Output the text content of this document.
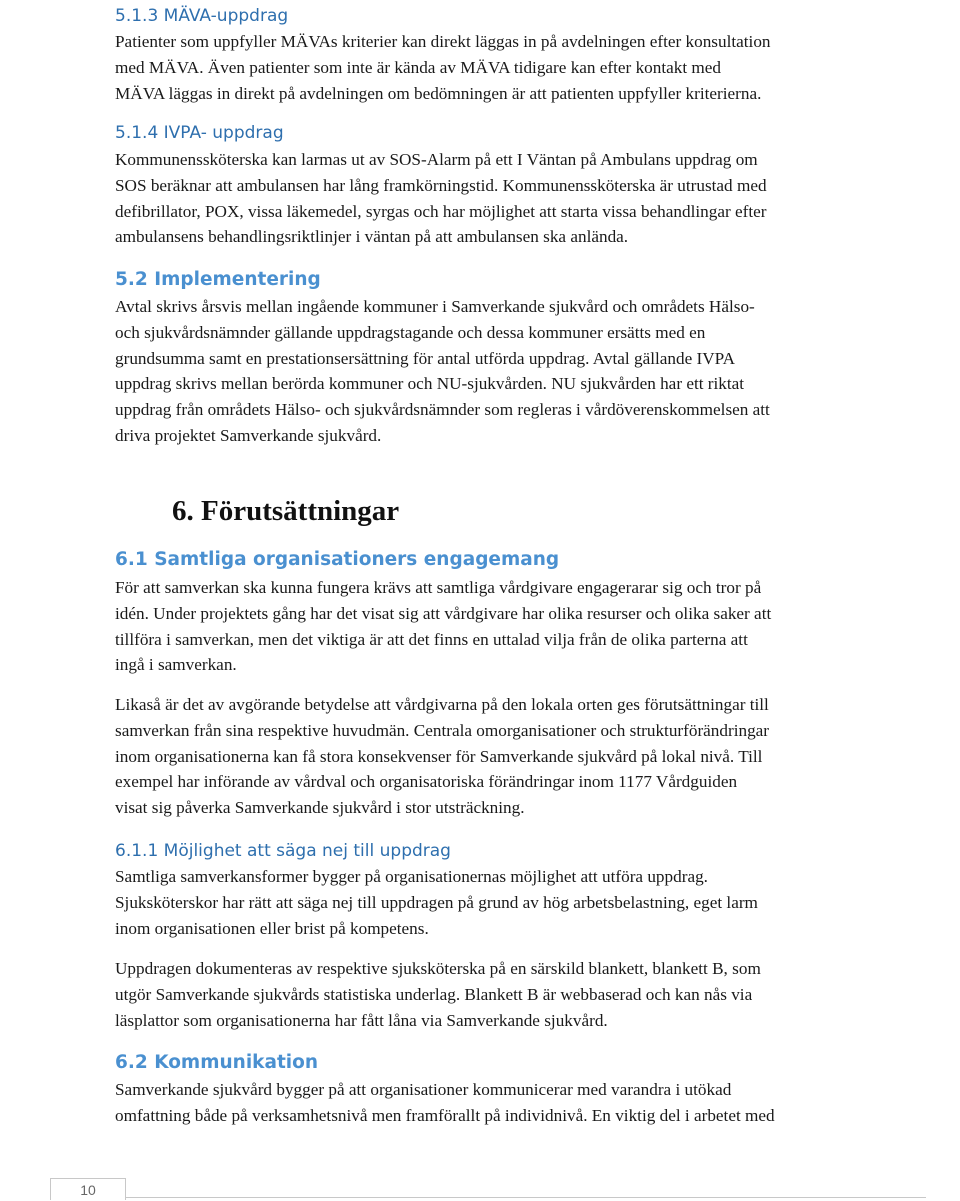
5.1.3 MÄVA-uppdrag
Patienter som uppfyller MÄVAs kriterier kan direkt läggas in på avdelningen efter konsultation
med MÄVA. Även patienter som inte är kända av MÄVA tidigare kan efter kontakt med
MÄVA läggas in direkt på avdelningen om bedömningen är att patienten uppfyller kriterierna.
5.1.4 IVPA- uppdrag
Kommunenssköterska kan larmas ut av SOS-Alarm på ett I Väntan på Ambulans uppdrag om
SOS beräknar att ambulansen har lång framkörningstid. Kommunenssköterska är utrustad med
defibrillator, POX, vissa läkemedel, syrgas och har möjlighet att starta vissa behandlingar efter
ambulansens behandlingsriktlinjer i väntan på att ambulansen ska anlända.
5.2 Implementering
Avtal skrivs årsvis mellan ingående kommuner i Samverkande sjukvård och områdets Hälso-
och sjukvårdsnämnder gällande uppdragstagande och dessa kommuner ersätts med en
grundsumma samt en prestationsersättning för antal utförda uppdrag. Avtal gällande IVPA
uppdrag skrivs mellan berörda kommuner och NU-sjukvården. NU sjukvården har ett riktat
uppdrag från områdets Hälso- och sjukvårdsnämnder som regleras i vårdöverenskommelsen att
driva projektet Samverkande sjukvård.
6. Förutsättningar
6.1 Samtliga organisationers engagemang
För att samverkan ska kunna fungera krävs att samtliga vårdgivare engagerarar sig och tror på
idén. Under projektets gång har det visat sig att vårdgivare har olika resurser och olika saker att
tillföra i samverkan, men det viktiga är att det finns en uttalad vilja från de olika parterna att
ingå i samverkan.
Likaså är det av avgörande betydelse att vårdgivarna på den lokala orten ges förutsättningar till
samverkan från sina respektive huvudmän. Centrala omorganisationer och strukturförändringar
inom organisationerna kan få stora konsekvenser för Samverkande sjukvård på lokal nivå. Till
exempel har införande av vårdval och organisatoriska förändringar inom 1177 Vårdguiden
visat sig påverka Samverkande sjukvård i stor utsträckning.
6.1.1 Möjlighet att säga nej till uppdrag
Samtliga samverkansformer bygger på organisationernas möjlighet att utföra uppdrag.
Sjuksköterskor har rätt att säga nej till uppdragen på grund av hög arbetsbelastning, eget larm
inom organisationen eller brist på kompetens.
Uppdragen dokumenteras av respektive sjuksköterska på en särskild blankett, blankett B, som
utgör Samverkande sjukvårds statistiska underlag. Blankett B är webbaserad och kan nås via
läsplattor som organisationerna har fått låna via Samverkande sjukvård.
6.2 Kommunikation
Samverkande sjukvård bygger på att organisationer kommunicerar med varandra i utökad
omfattning både på verksamhetsnivå men framförallt på individnivå. En viktig del i arbetet med
10
